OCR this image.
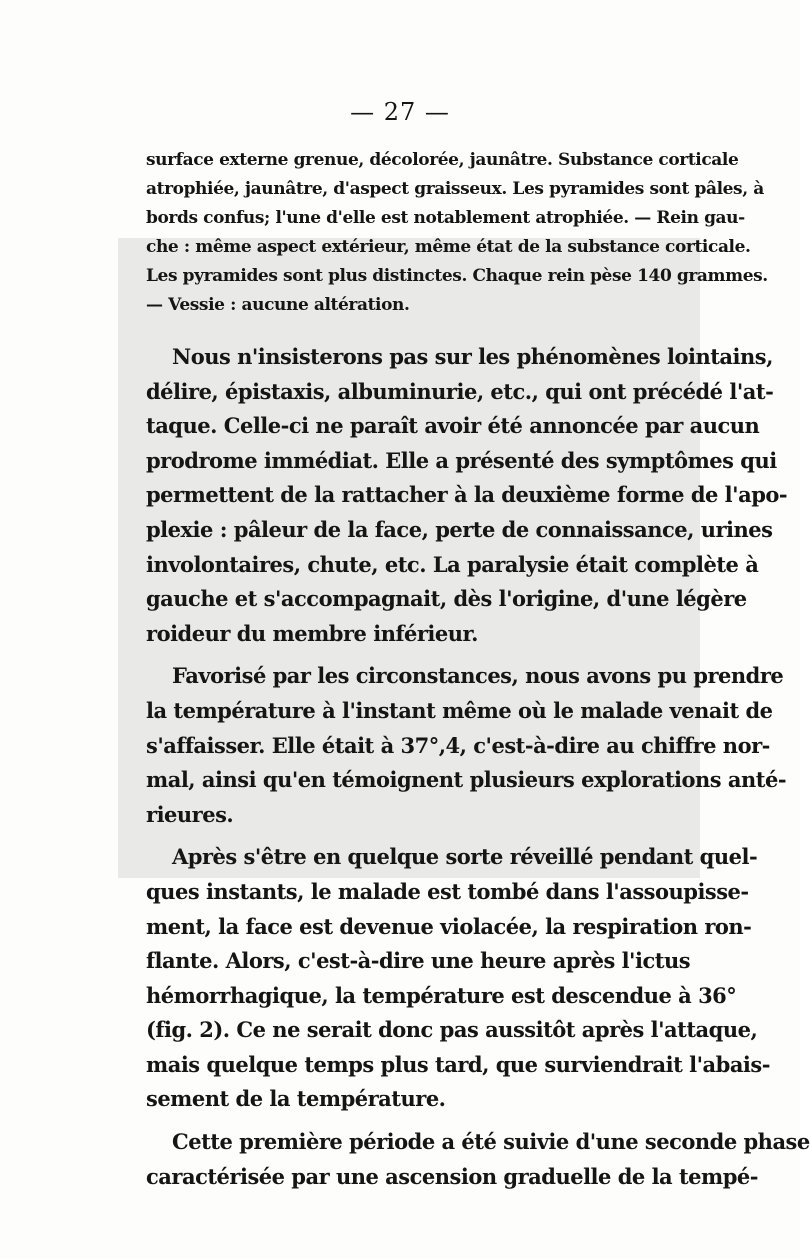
— 27 —
surface externe grenue, décolorée, jaunâtre. Substance corticale
atrophiée, jaunâtre, d'aspect graisseux. Les pyramides sont pâles, à
bords confus; l'une d'elle est notablement atrophiée. — Rein gau-
che : même aspect extérieur, même état de la substance corticale.
Les pyramides sont plus distinctes. Chaque rein pèse 140 grammes.
— Vessie : aucune altération.
Nous n'insisterons pas sur les phénomènes lointains,
délire, épistaxis, albuminurie, etc., qui ont précédé l'at-
taque. Celle-ci ne paraît avoir été annoncée par aucun
prodrome immédiat. Elle a présenté des symptômes qui
permettent de la rattacher à la deuxième forme de l'apo-
plexie : pâleur de la face, perte de connaissance, urines
involontaires, chute, etc. La paralysie était complète à
gauche et s'accompagnait, dès l'origine, d'une légère
roideur du membre inférieur.
Favorisé par les circonstances, nous avons pu prendre
la température à l'instant même où le malade venait de
s'affaisser. Elle était à 37°,4, c'est-à-dire au chiffre nor-
mal, ainsi qu'en témoignent plusieurs explorations anté-
rieures.
Après s'être en quelque sorte réveillé pendant quel-
ques instants, le malade est tombé dans l'assoupisse-
ment, la face est devenue violacée, la respiration ron-
flante. Alors, c'est-à-dire une heure après l'ictus
hémorrhagique, la température est descendue à 36°
(fig. 2). Ce ne serait donc pas aussitôt après l'attaque,
mais quelque temps plus tard, que surviendrait l'abais-
sement de la température.
Cette première période a été suivie d'une seconde phase
caractérisée par une ascension graduelle de la tempé-
